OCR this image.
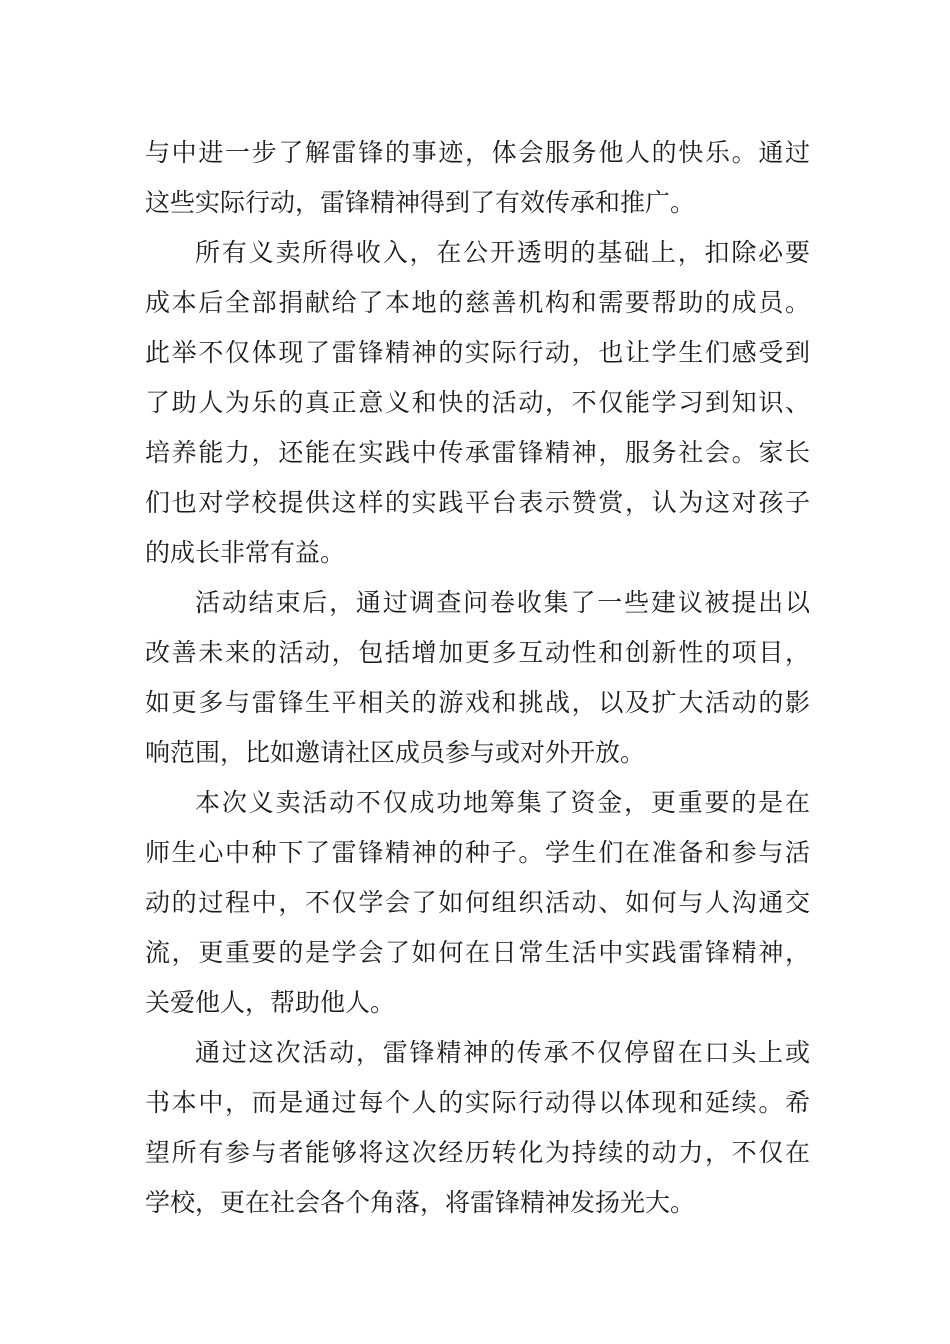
与中进一步了解雷锋的事迹，体会服务他人的快乐。通过
这些实际行动，雷锋精神得到了有效传承和推广。
所有义卖所得收入，在公开透明的基础上，扣除必要
成本后全部捐献给了本地的慈善机构和需要帮助的成员。
此举不仅体现了雷锋精神的实际行动，也让学生们感受到
了助人为乐的真正意义和快的活动，不仅能学习到知识、
培养能力，还能在实践中传承雷锋精神，服务社会。家长
们也对学校提供这样的实践平台表示赞赏，认为这对孩子
的成长非常有益。
活动结束后，通过调查问卷收集了一些建议被提出以
改善未来的活动，包括增加更多互动性和创新性的项目，
如更多与雷锋生平相关的游戏和挑战，以及扩大活动的影
响范围，比如邀请社区成员参与或对外开放。
本次义卖活动不仅成功地筹集了资金，更重要的是在
师生心中种下了雷锋精神的种子。学生们在准备和参与活
动的过程中，不仅学会了如何组织活动、如何与人沟通交
流，更重要的是学会了如何在日常生活中实践雷锋精神，
关爱他人，帮助他人。
通过这次活动，雷锋精神的传承不仅停留在口头上或
书本中，而是通过每个人的实际行动得以体现和延续。希
望所有参与者能够将这次经历转化为持续的动力，不仅在
学校，更在社会各个角落，将雷锋精神发扬光大。
